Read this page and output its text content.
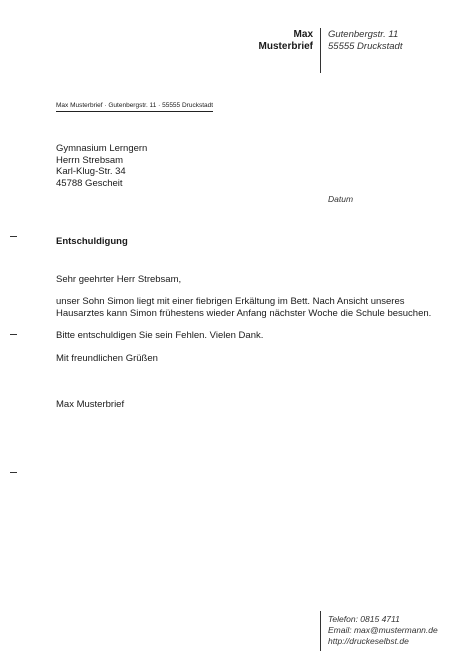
Max
Musterbrief
Gutenbergstr. 11
55555 Druckstadt
Max Musterbrief · Gutenbergstr. 11 · 55555 Druckstadt
Gymnasium Lerngern
Herrn Strebsam
Karl-Klug-Str. 34
45788 Gescheit
Datum
Entschuldigung
Sehr geehrter Herr Strebsam,
unser Sohn Simon liegt mit einer fiebrigen Erkältung im Bett. Nach Ansicht unseres
Hausarztes kann Simon frühestens wieder Anfang nächster Woche die Schule besuchen.
Bitte entschuldigen Sie sein Fehlen. Vielen Dank.
Mit freundlichen Grüßen
Max Musterbrief
Telefon: 0815 4711
Email: max@mustermann.de
http://druckeselbst.de
